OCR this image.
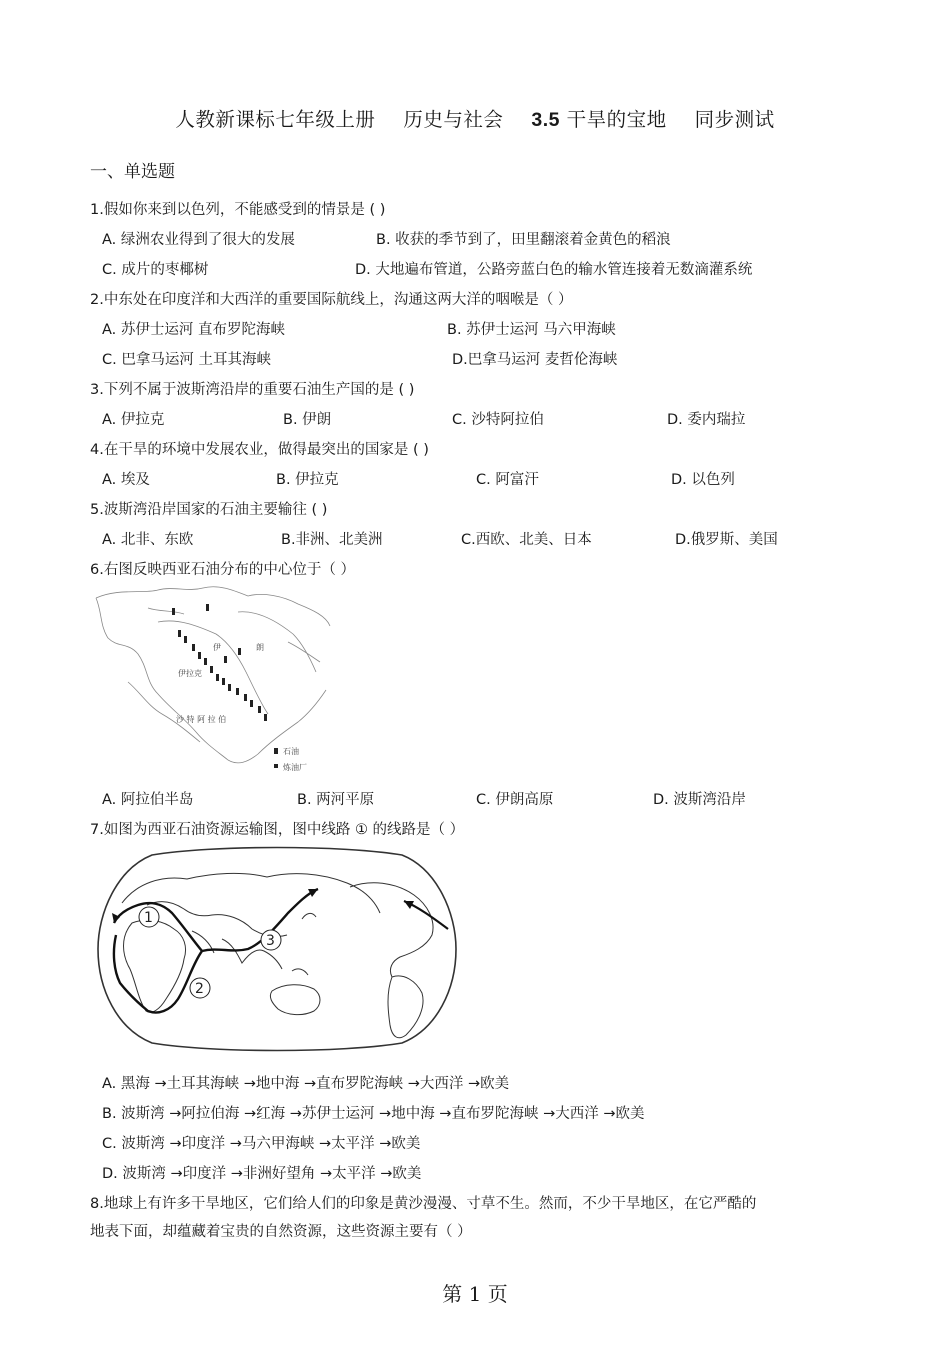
人教新课标七年级上册 历史与社会 3.5 干旱的宝地 同步测试
一、单选题
1.假如你来到以色列，不能感受到的情景是 ( )
A. 绿洲农业得到了很大的发展	B. 收获的季节到了，田里翻滚着金黄色的稻浪
C. 成片的枣椰树	D. 大地遍布管道，公路旁蓝白色的输水管连接着无数滴灌系统
2.中东处在印度洋和大西洋的重要国际航线上，沟通这两大洋的咽喉是（ ）
A. 苏伊士运河 直布罗陀海峡	B. 苏伊士运河 马六甲海峡
C. 巴拿马运河 土耳其海峡	D.巴拿马运河 麦哲伦海峡
3.下列不属于波斯湾沿岸的重要石油生产国的是 ( )
A. 伊拉克	B. 伊朗	C. 沙特阿拉伯	D. 委内瑞拉
4.在干旱的环境中发展农业，做得最突出的国家是 ( )
A. 埃及	B. 伊拉克	C. 阿富汗	D. 以色列
5.波斯湾沿岸国家的石油主要输往 ( )
A. 北非、东欧	B.非洲、北美洲	C.西欧、北美、日本	D.俄罗斯、美国
6.右图反映西亚石油分布的中心位于（ ）
伊	朗
伊拉克
沙 特 阿 拉 伯
石油
炼油厂
A. 阿拉伯半岛	B. 两河平原	C. 伊朗高原	D. 波斯湾沿岸
7.如图为西亚石油资源运输图，图中线路 ① 的线路是（ ）
1
2
3
A. 黑海 →土耳其海峡 →地中海 →直布罗陀海峡 →大西洋 →欧美
B. 波斯湾 →阿拉伯海 →红海 →苏伊士运河 →地中海 →直布罗陀海峡 →大西洋 →欧美
C. 波斯湾 →印度洋 →马六甲海峡 →太平洋 →欧美
D. 波斯湾 →印度洋 →非洲好望角 →太平洋 →欧美
8.地球上有许多干旱地区，它们给人们的印象是黄沙漫漫、寸草不生。然而，不少干旱地区，在它严酷的
地表下面，却蕴藏着宝贵的自然资源，这些资源主要有（ ）
第 1 页
